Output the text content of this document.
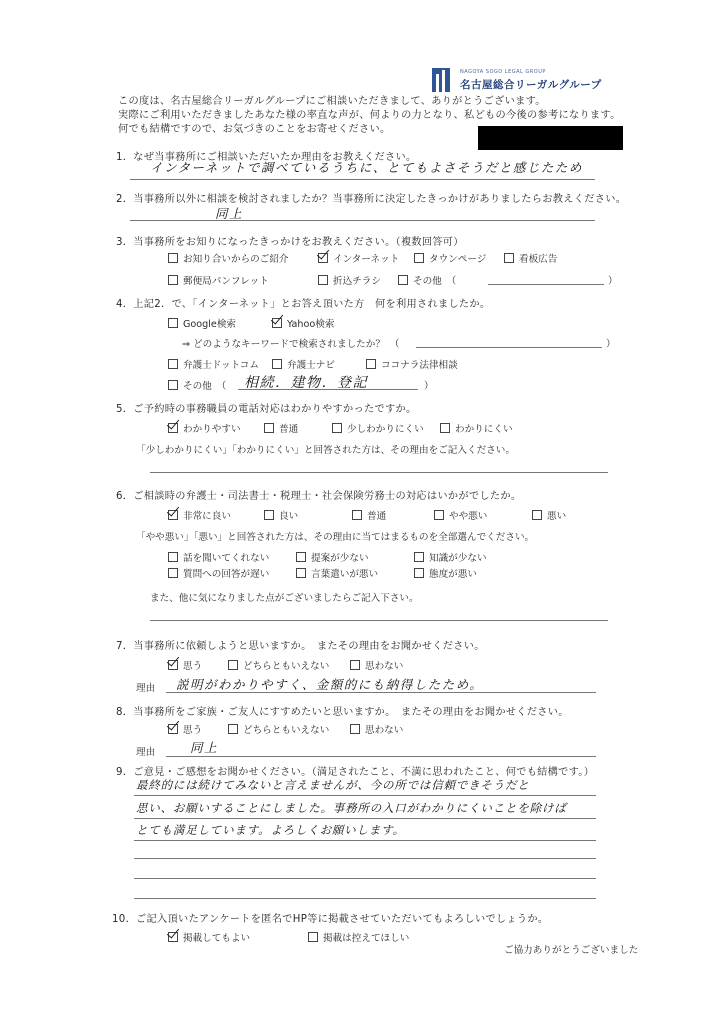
NAGOYA SOGO LEGAL GROUP
名古屋総合リーガルグループ
この度は、名古屋総合リーガルグループにご相談いただきまして、ありがとうございます。
実際にご利用いただきましたあなた様の率直な声が、何よりの力となり、私どもの今後の参考になります。
何でも結構ですので、お気づきのことをお寄せください。
1．なぜ当事務所にご相談いただいたか理由をお教えください。
インターネットで調べているうちに、とてもよさそうだと感じたため
2．当事務所以外に相談を検討されましたか？当事務所に決定したきっかけがありましたらお教えください。
同上
3．当事務所をお知りになったきっかけをお教えください。（複数回答可）
お知り合いからのご紹介	インターネット	タウンページ	看板広告
郵便局パンフレット	折込チラシ	その他　（	）
4．上記2．で、「インターネット」とお答え頂いた方　何を利用されましたか。
Google検索	Yahoo検索
⇒ どのようなキーワードで検索されましたか？　（	）
弁護士ドットコム	弁護士ナビ	ココナラ法律相談
その他　（ 相続．建物．登記	）
5．ご予約時の事務職員の電話対応はわかりやすかったですか。
わかりやすい	普通	少しわかりにくい	わかりにくい
「少しわかりにくい」「わかりにくい」と回答された方は、その理由をご記入ください。
6．ご相談時の弁護士・司法書士・税理士・社会保険労務士の対応はいかがでしたか。
非常に良い	良い	普通	やや悪い	悪い
「やや悪い」「悪い」と回答された方は、その理由に当てはまるものを全部選んでください。
話を聞いてくれない	提案が少ない	知識が少ない
質問への回答が遅い	言葉遣いが悪い	態度が悪い
また、他に気になりました点がございましたらご記入下さい。
7．当事務所に依頼しようと思いますか。　またその理由をお聞かせください。
思う	どちらともいえない	思わない
理由 説明がわかりやすく、金額的にも納得したため。
8．当事務所をご家族・ご友人にすすめたいと思いますか。　またその理由をお聞かせください。
思う	どちらともいえない	思わない
理由	同上
9．ご意見・ご感想をお聞かせください。（満足されたこと、不満に思われたこと、何でも結構です。）
最終的には続けてみないと言えませんが、今の所では信頼できそうだと
思い、お願いすることにしました。事務所の入口がわかりにくいことを除けば
とても満足しています。よろしくお願いします。
10．ご記入頂いたアンケートを匿名でHP等に掲載させていただいてもよろしいでしょうか。
掲載してもよい	掲載は控えてほしい
ご協力ありがとうございました
